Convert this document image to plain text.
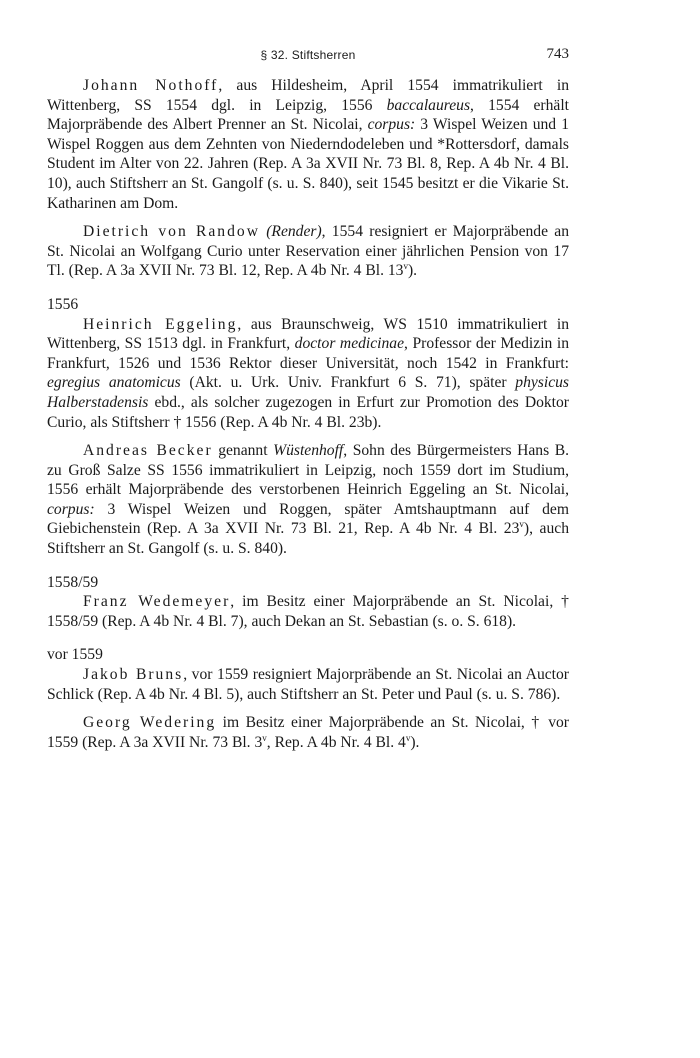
§ 32. Stiftsherren	743

Johann Nothoff, aus Hildesheim, April 1554 immatrikuliert in Wittenberg, SS 1554 dgl. in Leipzig, 1556 baccalaureus, 1554 erhält Majorpräbende des Albert Prenner an St. Nicolai, corpus: 3 Wispel Weizen und 1 Wispel Roggen aus dem Zehnten von Niederndodeleben und *Rottersdorf, damals Student im Alter von 22. Jahren (Rep. A 3a XVII Nr. 73 Bl. 8, Rep. A 4b Nr. 4 Bl. 10), auch Stiftsherr an St. Gangolf (s. u. S. 840), seit 1545 besitzt er die Vikarie St. Katharinen am Dom.

Dietrich von Randow (Render), 1554 resigniert er Majorpräbende an St. Nicolai an Wolfgang Curio unter Reservation einer jährlichen Pension von 17 Tl. (Rep. A 3a XVII Nr. 73 Bl. 12, Rep. A 4b Nr. 4 Bl. 13$^v$).

1556

Heinrich Eggeling, aus Braunschweig, WS 1510 immatrikuliert in Wittenberg, SS 1513 dgl. in Frankfurt, doctor medicinae, Professor der Medizin in Frankfurt, 1526 und 1536 Rektor dieser Universität, noch 1542 in Frankfurt: egregius anatomicus (Akt. u. Urk. Univ. Frankfurt 6 S. 71), später physicus Halberstadensis ebd., als solcher zugezogen in Erfurt zur Promotion des Doktor Curio, als Stiftsherr † 1556 (Rep. A 4b Nr. 4 Bl. 23b).

Andreas Becker genannt Wüstenhoff, Sohn des Bürgermeisters Hans B. zu Groß Salze SS 1556 immatrikuliert in Leipzig, noch 1559 dort im Studium, 1556 erhält Majorpräbende des verstorbenen Heinrich Eggeling an St. Nicolai, corpus: 3 Wispel Weizen und Roggen, später Amtshauptmann auf dem Giebichenstein (Rep. A 3a XVII Nr. 73 Bl. 21, Rep. A 4b Nr. 4 Bl. 23$^v$), auch Stiftsherr an St. Gangolf (s. u. S. 840).

1558/59

Franz Wedemeyer, im Besitz einer Majorpräbende an St. Nicolai, † 1558/59 (Rep. A 4b Nr. 4 Bl. 7), auch Dekan an St. Sebastian (s. o. S. 618).

vor 1559

Jakob Bruns, vor 1559 resigniert Majorpräbende an St. Nicolai an Auctor Schlick (Rep. A 4b Nr. 4 Bl. 5), auch Stiftsherr an St. Peter und Paul (s. u. S. 786).

Georg Wedering im Besitz einer Majorpräbende an St. Nicolai, † vor 1559 (Rep. A 3a XVII Nr. 73 Bl. 3$^v$, Rep. A 4b Nr. 4 Bl. 4$^v$).
